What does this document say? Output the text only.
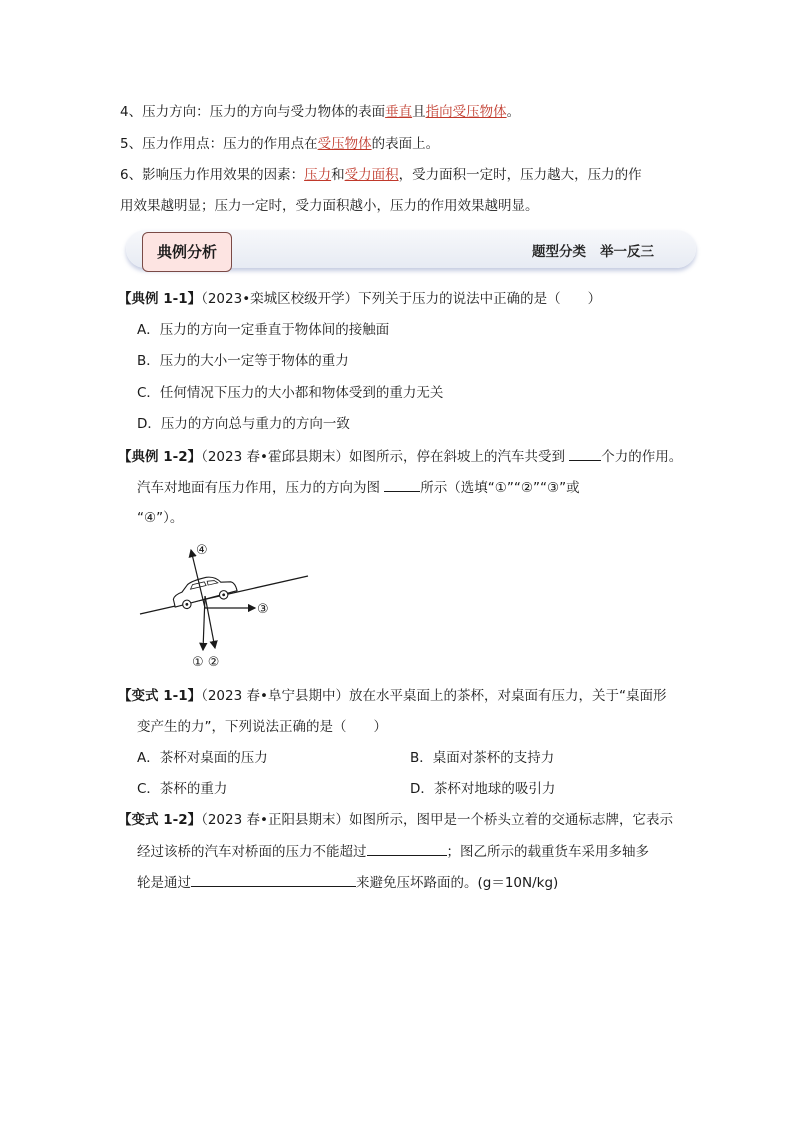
4、压力方向：压力的方向与受力物体的表面垂直且指向受压物体。
5、压力作用点：压力的作用点在受压物体的表面上。
6、影响压力作用效果的因素：压力和受力面积，受力面积一定时，压力越大，压力的作
用效果越明显；压力一定时，受力面积越小，压力的作用效果越明显。
典例分析	题型分类 举一反三
【典例 1-1】（2023•栾城区校级开学）下列关于压力的说法中正确的是（　　）
A．压力的方向一定垂直于物体间的接触面
B．压力的大小一定等于物体的重力
C．任何情况下压力的大小都和物体受到的重力无关
D．压力的方向总与重力的方向一致
【典例 1-2】（2023 春•霍邱县期末）如图所示，停在斜坡上的汽车共受到	个力的作用。
汽车对地面有压力作用，压力的方向为图	所示（选填“①”“②”“③”或
“④”）。
④
③
① ②
【变式 1-1】（2023 春•阜宁县期中）放在水平桌面上的茶杯，对桌面有压力，关于“桌面形
变产生的力”，下列说法正确的是（　　）
A．茶杯对桌面的压力	B．桌面对茶杯的支持力
C．茶杯的重力	D．茶杯对地球的吸引力
【变式 1-2】（2023 春•正阳县期末）如图所示，图甲是一个桥头立着的交通标志牌，它表示
经过该桥的汽车对桥面的压力不能超过	；图乙所示的载重货车采用多轴多
轮是通过	来避免压坏路面的。(g＝10N/kg)
